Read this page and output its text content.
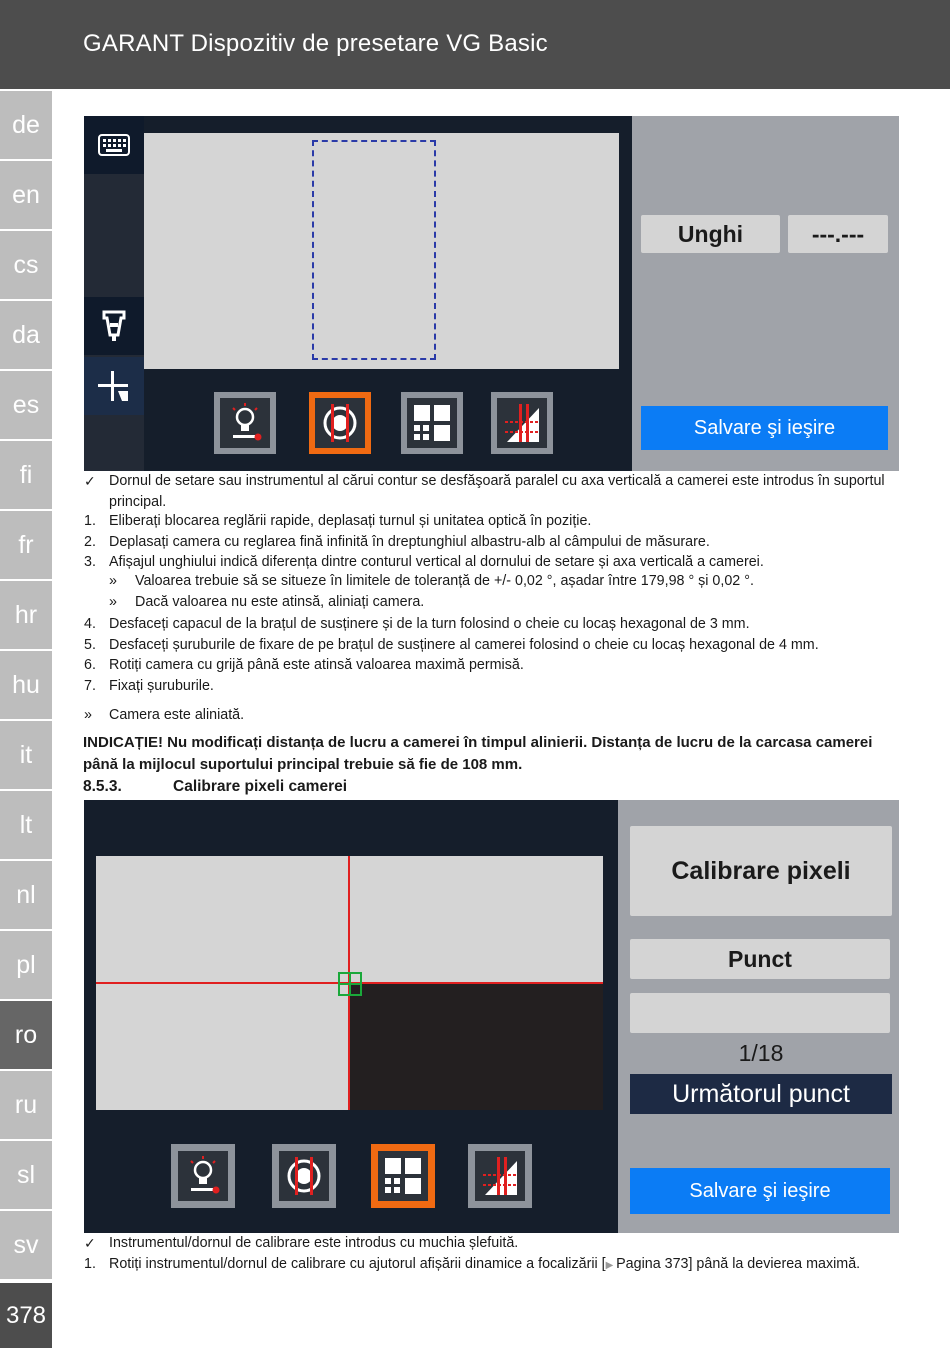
GARANT Dispozitiv de presetare VG Basic
de
en
cs
da
es
fi
fr
hr
hu
it
lt
nl
pl
ro
ru
sl
sv
378
Unghi	---.---
Salvare şi ieşire
✓ Dornul de setare sau instrumentul al cărui contur se desfăşoară paralel cu axa verticală a camerei este introdus în suportul principal.
1. Eliberați blocarea reglării rapide, deplasați turnul și unitatea optică în poziție.
2. Deplasați camera cu reglarea fină infinită în dreptunghiul albastru-alb al câmpului de măsurare.
3. Afișajul unghiului indică diferența dintre conturul vertical al dornului de setare și axa verticală a camerei.
» Valoarea trebuie să se situeze în limitele de toleranță de +/- 0,02 °, așadar între 179,98 ° și 0,02 °.
» Dacă valoarea nu este atinsă, aliniați camera.
4. Desfaceți capacul de la brațul de susținere și de la turn folosind o cheie cu locaș hexagonal de 3 mm.
5. Desfaceți șuruburile de fixare de pe brațul de susținere al camerei folosind o cheie cu locaș hexagonal de 4 mm.
6. Rotiți camera cu grijă până este atinsă valoarea maximă permisă.
7. Fixați șuruburile.
» Camera este aliniată.
INDICAȚIE! Nu modificați distanța de lucru a camerei în timpul alinierii. Distanța de lucru de la carcasa camerei până la mijlocul suportului principal trebuie să fie de 108 mm.
8.5.3.	Calibrare pixeli camerei
Calibrare pixeli
Punct
1/18
Următorul punct
Salvare şi ieşire
✓ Instrumentul/dornul de calibrare este introdus cu muchia șlefuită.
1. Rotiți instrumentul/dornul de calibrare cu ajutorul afișării dinamice a focalizării [▶ Pagina 373] până la devierea maximă.
